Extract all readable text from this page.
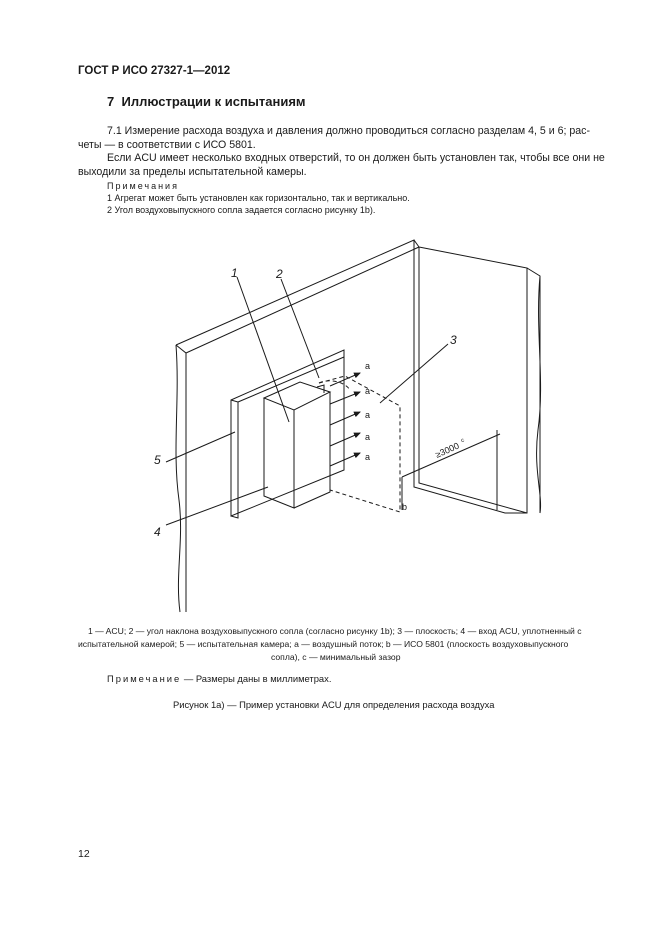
ГОСТ Р ИСО 27327-1—2012
7 Иллюстрации к испытаниям
7.1 Измерение расхода воздуха и давления должно проводиться согласно разделам 4, 5 и 6; рас-
четы — в соответствии с ИСО 5801.
Если ACU имеет несколько входных отверстий, то он должен быть установлен так, чтобы все они не
выходили за пределы испытательной камеры.
Примечания
1 Агрегат может быть установлен как горизонтально, так и вертикально.
2 Угол воздуховыпускного сопла задается согласно рисунку 1b).
1	2
3
4
5
a
a
a
a
a
b
≥3000 c
1 — ACU; 2 — угол наклона воздуховыпускного сопла (согласно рисунку 1b); 3 — плоскость; 4 — вход ACU, уплотненный с
испытательной камерой; 5 — испытательная камера; a — воздушный поток; b — ИСО 5801 (плоскость воздуховыпускного
сопла), c — минимальный зазор
Примечание — Размеры даны в миллиметрах.
Рисунок 1а) — Пример установки ACU для определения расхода воздуха
12
